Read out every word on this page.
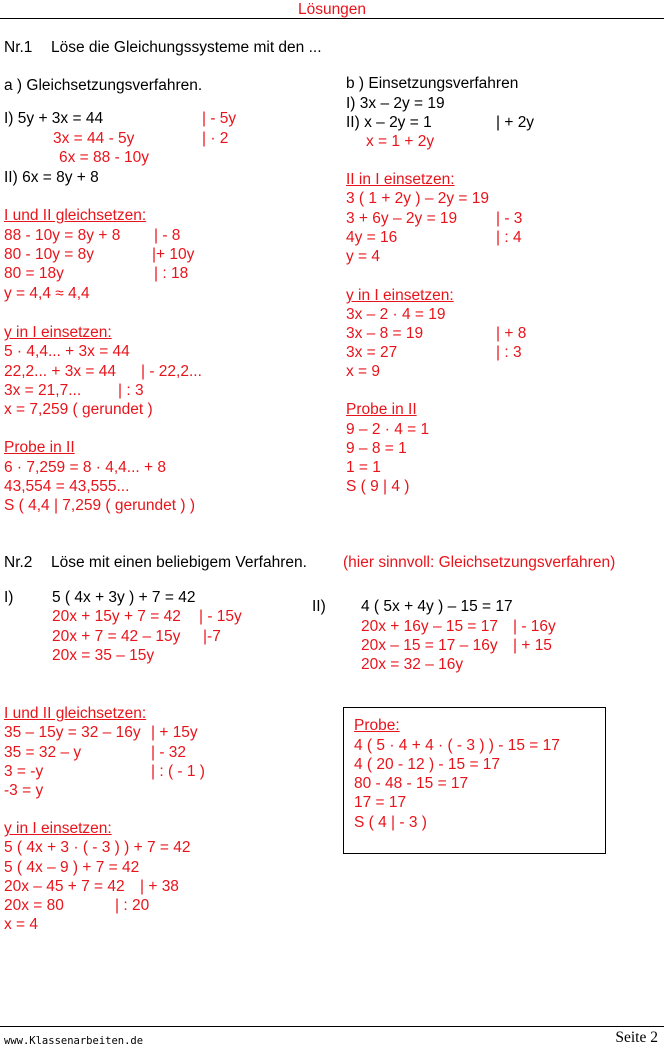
Lösungen
Nr.1 Löse die Gleichungssysteme mit den ...
a ) Gleichsetzungsverfahren.
I) 5y + 3x = 44	| - 5y
3x = 44 - 5y	| · 2
6x = 88 - 10y
II) 6x = 8y + 8
I und II gleichsetzen:
88 - 10y = 8y + 8 | - 8
80 - 10y = 8y	|+ 10y
80 = 18y	| : 18
y = 4,4 ≈ 4,4
y in I einsetzen:
5 · 4,4... + 3x = 44
22,2... + 3x = 44 | - 22,2...
3x = 21,7... | : 3
x = 7,259 ( gerundet )
Probe in II
6 · 7,259 = 8 · 4,4... + 8
43,554 = 43,555...
S ( 4,4 | 7,259 ( gerundet ) )
b ) Einsetzungsverfahren
I) 3x – 2y = 19
II) x – 2y = 1	| + 2y
x = 1 + 2y
II in I einsetzen:
3 ( 1 + 2y ) – 2y = 19
3 + 6y – 2y = 19	| - 3
4y = 16	| : 4
y = 4
y in I einsetzen:
3x – 2 · 4 = 19
3x – 8 = 19	| + 8
3x = 27	| : 3
x = 9
Probe in II
9 – 2 · 4 = 1
9 – 8 = 1
1 = 1
S ( 9 | 4 )
Nr.2 Löse mit einen beliebigem Verfahren. (hier sinnvoll: Gleichsetzungsverfahren)
I) 5 ( 4x + 3y ) + 7 = 42
20x + 15y + 7 = 42 | - 15y
20x + 7 = 42 – 15y |-7
20x = 35 – 15y
II) 4 ( 5x + 4y ) – 15 = 17
20x + 16y – 15 = 17 | - 16y
20x – 15 = 17 – 16y | + 15
20x = 32 – 16y
I und II gleichsetzen:
35 – 15y = 32 – 16y | + 15y
35 = 32 – y	| - 32
3 = -y	| : ( - 1 )
-3 = y
y in I einsetzen:
5 ( 4x + 3 · ( - 3 ) ) + 7 = 42
5 ( 4x – 9 ) + 7 = 42
20x – 45 + 7 = 42 | + 38
20x = 80	| : 20
x = 4
Probe:
4 ( 5 · 4 + 4 · ( - 3 ) ) - 15 = 17
4 ( 20 - 12 ) - 15 = 17
80 - 48 - 15 = 17
17 = 17
S ( 4 | - 3 )
www.Klassenarbeiten.de	Seite 2
